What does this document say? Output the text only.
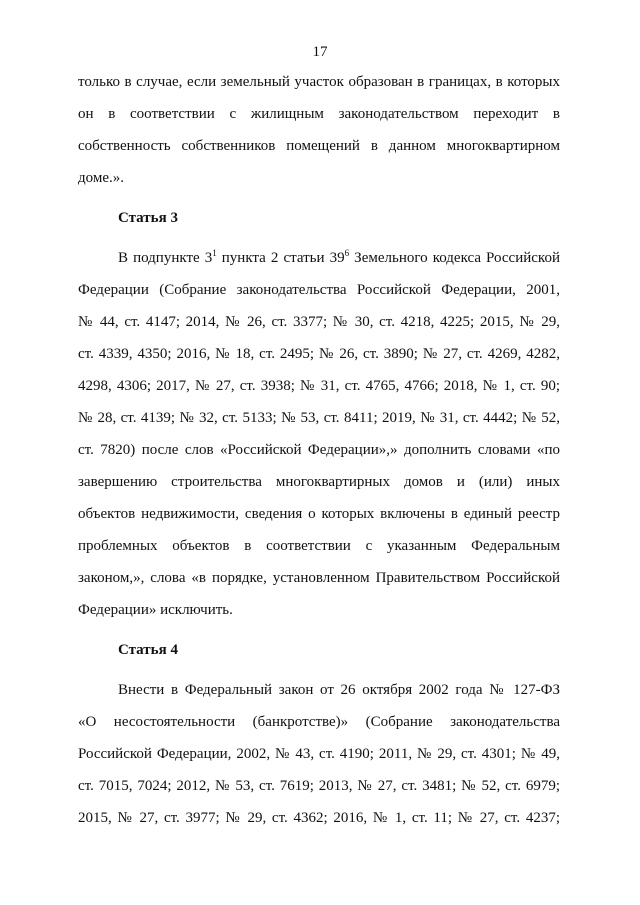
17
только в случае, если земельный участок образован в границах, в которых
он в соответствии с жилищным законодательством переходит в
собственность собственников помещений в данном многоквартирном
доме.».

Статья 3

В подпункте $3^1$ пункта 2 статьи $39^6$ Земельного кодекса Российской
Федерации (Собрание законодательства Российской Федерации, 2001,
№ 44, ст. 4147; 2014, № 26, ст. 3377; № 30, ст. 4218, 4225; 2015, № 29,
ст. 4339, 4350; 2016, № 18, ст. 2495; № 26, ст. 3890; № 27, ст. 4269, 4282,
4298, 4306; 2017, № 27, ст. 3938; № 31, ст. 4765, 4766; 2018, № 1, ст. 90;
№ 28, ст. 4139; № 32, ст. 5133; № 53, ст. 8411; 2019, № 31, ст. 4442; № 52,
ст. 7820) после слов «Российской Федерации»,» дополнить словами «по
завершению строительства многоквартирных домов и (или) иных
объектов недвижимости, сведения о которых включены в единый реестр
проблемных объектов в соответствии с указанным Федеральным
законом,», слова «в порядке, установленном Правительством Российской
Федерации» исключить.

Статья 4

Внести в Федеральный закон от 26 октября 2002 года № 127-ФЗ
«О несостоятельности (банкротстве)» (Собрание законодательства
Российской Федерации, 2002, № 43, ст. 4190; 2011, № 29, ст. 4301; № 49,
ст. 7015, 7024; 2012, № 53, ст. 7619; 2013, № 27, ст. 3481; № 52, ст. 6979;
2015, № 27, ст. 3977; № 29, ст. 4362; 2016, № 1, ст. 11; № 27, ст. 4237;
